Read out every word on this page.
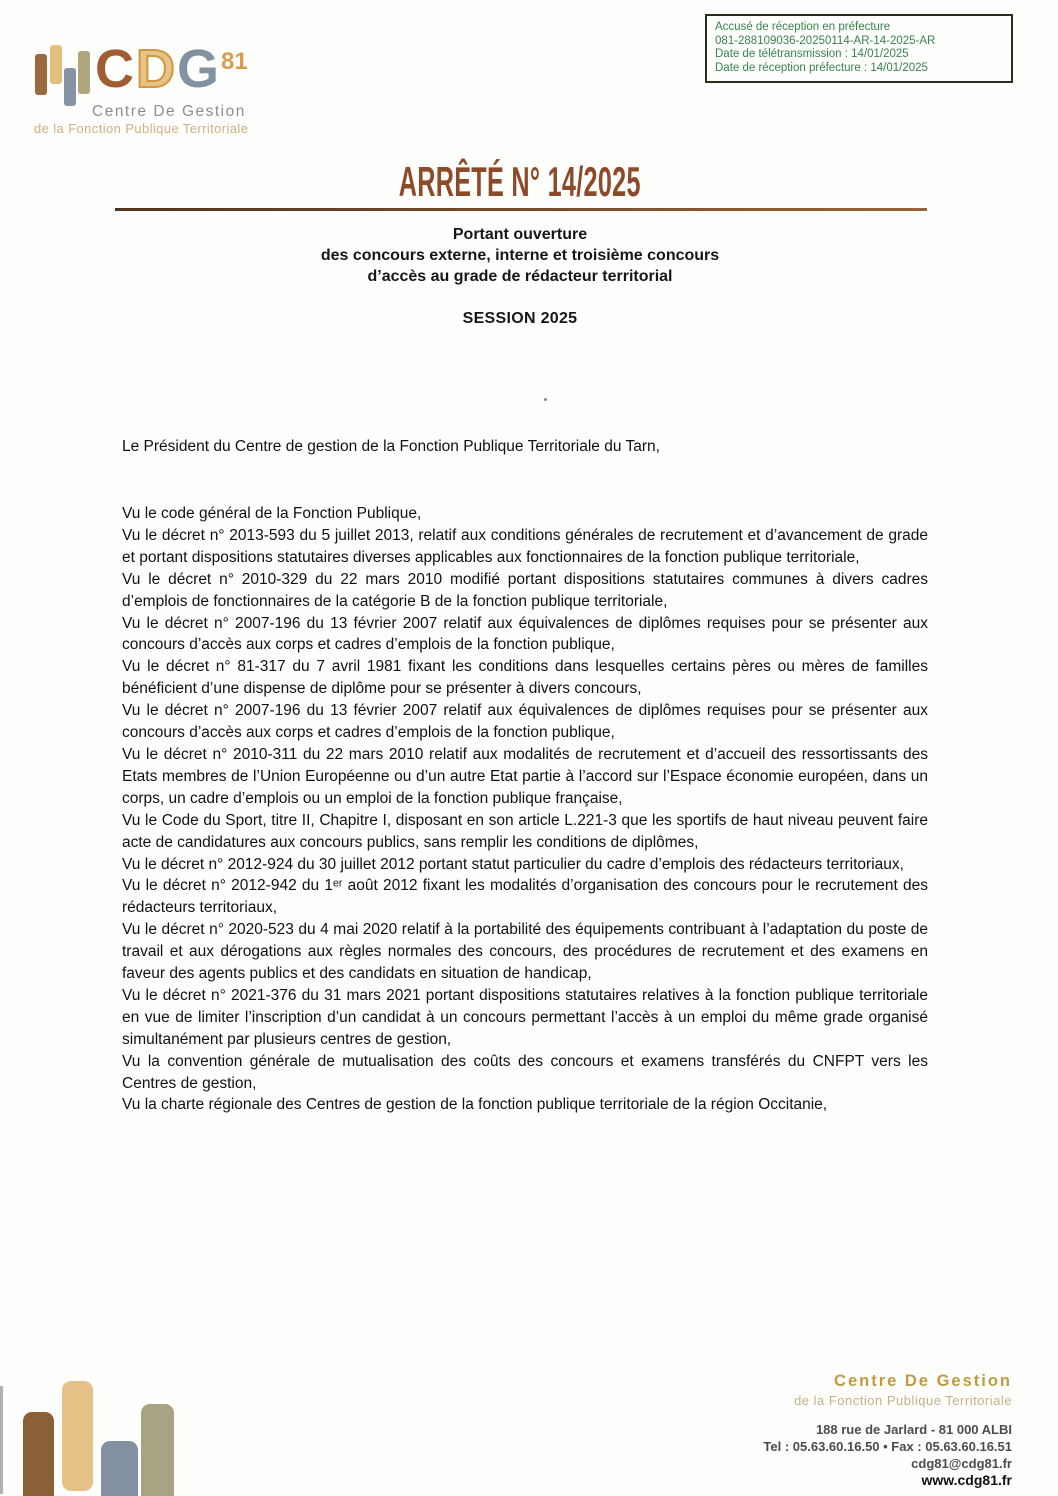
CDG$^{81}$
Centre De Gestion
de la Fonction Publique Territoriale
Accusé de réception en préfecture
081-288109036-20250114-AR-14-2025-AR
Date de télétransmission : 14/01/2025
Date de réception préfecture : 14/01/2025
ARRÊTÉ N° 14/2025
Portant ouverture
des concours externe, interne et troisième concours
d’accès au grade de rédacteur territorial
SESSION 2025
Le Président du Centre de gestion de la Fonction Publique Territoriale du Tarn,

Vu le code général de la Fonction Publique,

Vu le décret n° 2013-593 du 5 juillet 2013, relatif aux conditions générales de recrutement et d’avancement de grade et portant dispositions statutaires diverses applicables aux fonctionnaires de la fonction publique territoriale,

Vu le décret n° 2010-329 du 22 mars 2010 modifié portant dispositions statutaires communes à divers cadres d’emplois de fonctionnaires de la catégorie B de la fonction publique territoriale,

Vu le décret n° 2007-196 du 13 février 2007 relatif aux équivalences de diplômes requises pour se présenter aux concours d’accès aux corps et cadres d’emplois de la fonction publique,

Vu le décret n° 81-317 du 7 avril 1981 fixant les conditions dans lesquelles certains pères ou mères de familles bénéficient d’une dispense de diplôme pour se présenter à divers concours,

Vu le décret n° 2007-196 du 13 février 2007 relatif aux équivalences de diplômes requises pour se présenter aux concours d’accès aux corps et cadres d’emplois de la fonction publique,

Vu le décret n° 2010-311 du 22 mars 2010 relatif aux modalités de recrutement et d’accueil des ressortissants des Etats membres de l’Union Européenne ou d’un autre Etat partie à l’accord sur l’Espace économie européen, dans un corps, un cadre d’emplois ou un emploi de la fonction publique française,

Vu le Code du Sport, titre II, Chapitre I, disposant en son article L.221-3 que les sportifs de haut niveau peuvent faire acte de candidatures aux concours publics, sans remplir les conditions de diplômes,

Vu le décret n° 2012-924 du 30 juillet 2012 portant statut particulier du cadre d’emplois des rédacteurs territoriaux,

Vu le décret n° 2012-942 du 1ᵉʳ août 2012 fixant les modalités d’organisation des concours pour le recrutement des rédacteurs territoriaux,

Vu le décret n° 2020-523 du 4 mai 2020 relatif à la portabilité des équipements contribuant à l’adaptation du poste de travail et aux dérogations aux règles normales des concours, des procédures de recrutement et des examens en faveur des agents publics et des candidats en situation de handicap,

Vu le décret n° 2021-376 du 31 mars 2021 portant dispositions statutaires relatives à la fonction publique territoriale en vue de limiter l’inscription d’un candidat à un concours permettant l’accès à un emploi du même grade organisé simultanément par plusieurs centres de gestion,

Vu la convention générale de mutualisation des coûts des concours et examens transférés du CNFPT vers les Centres de gestion,

Vu la charte régionale des Centres de gestion de la fonction publique territoriale de la région Occitanie,

Centre De Gestion
de la Fonction Publique Territoriale
188 rue de Jarlard - 81 000 ALBI
Tel : 05.63.60.16.50 • Fax : 05.63.60.16.51
cdg81@cdg81.fr
www.cdg81.fr
